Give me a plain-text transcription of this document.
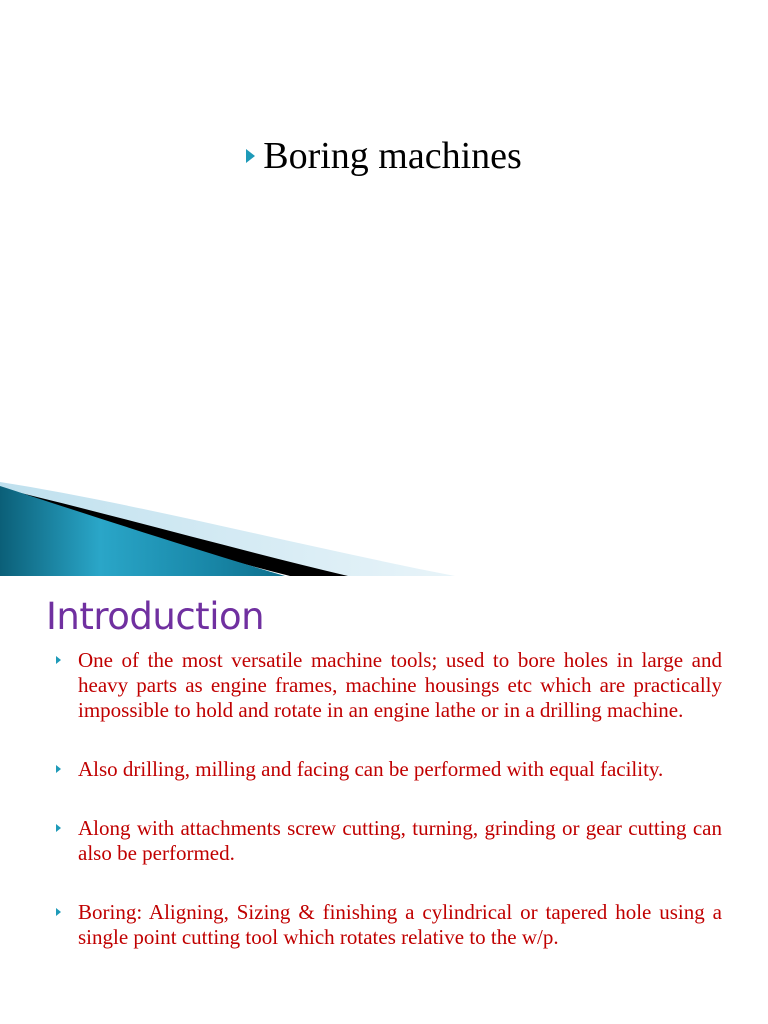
Boring machines
Introduction
One of the most versatile machine tools; used to bore holes in large and heavy parts as engine frames, machine housings etc which are practically impossible to hold and rotate in an engine lathe or in a drilling machine.
Also drilling, milling and facing can be performed with equal facility.
Along with attachments screw cutting, turning, grinding or gear cutting can also be performed.
Boring: Aligning, Sizing & finishing a cylindrical or tapered hole using a single point cutting tool which rotates relative to the w/p.
